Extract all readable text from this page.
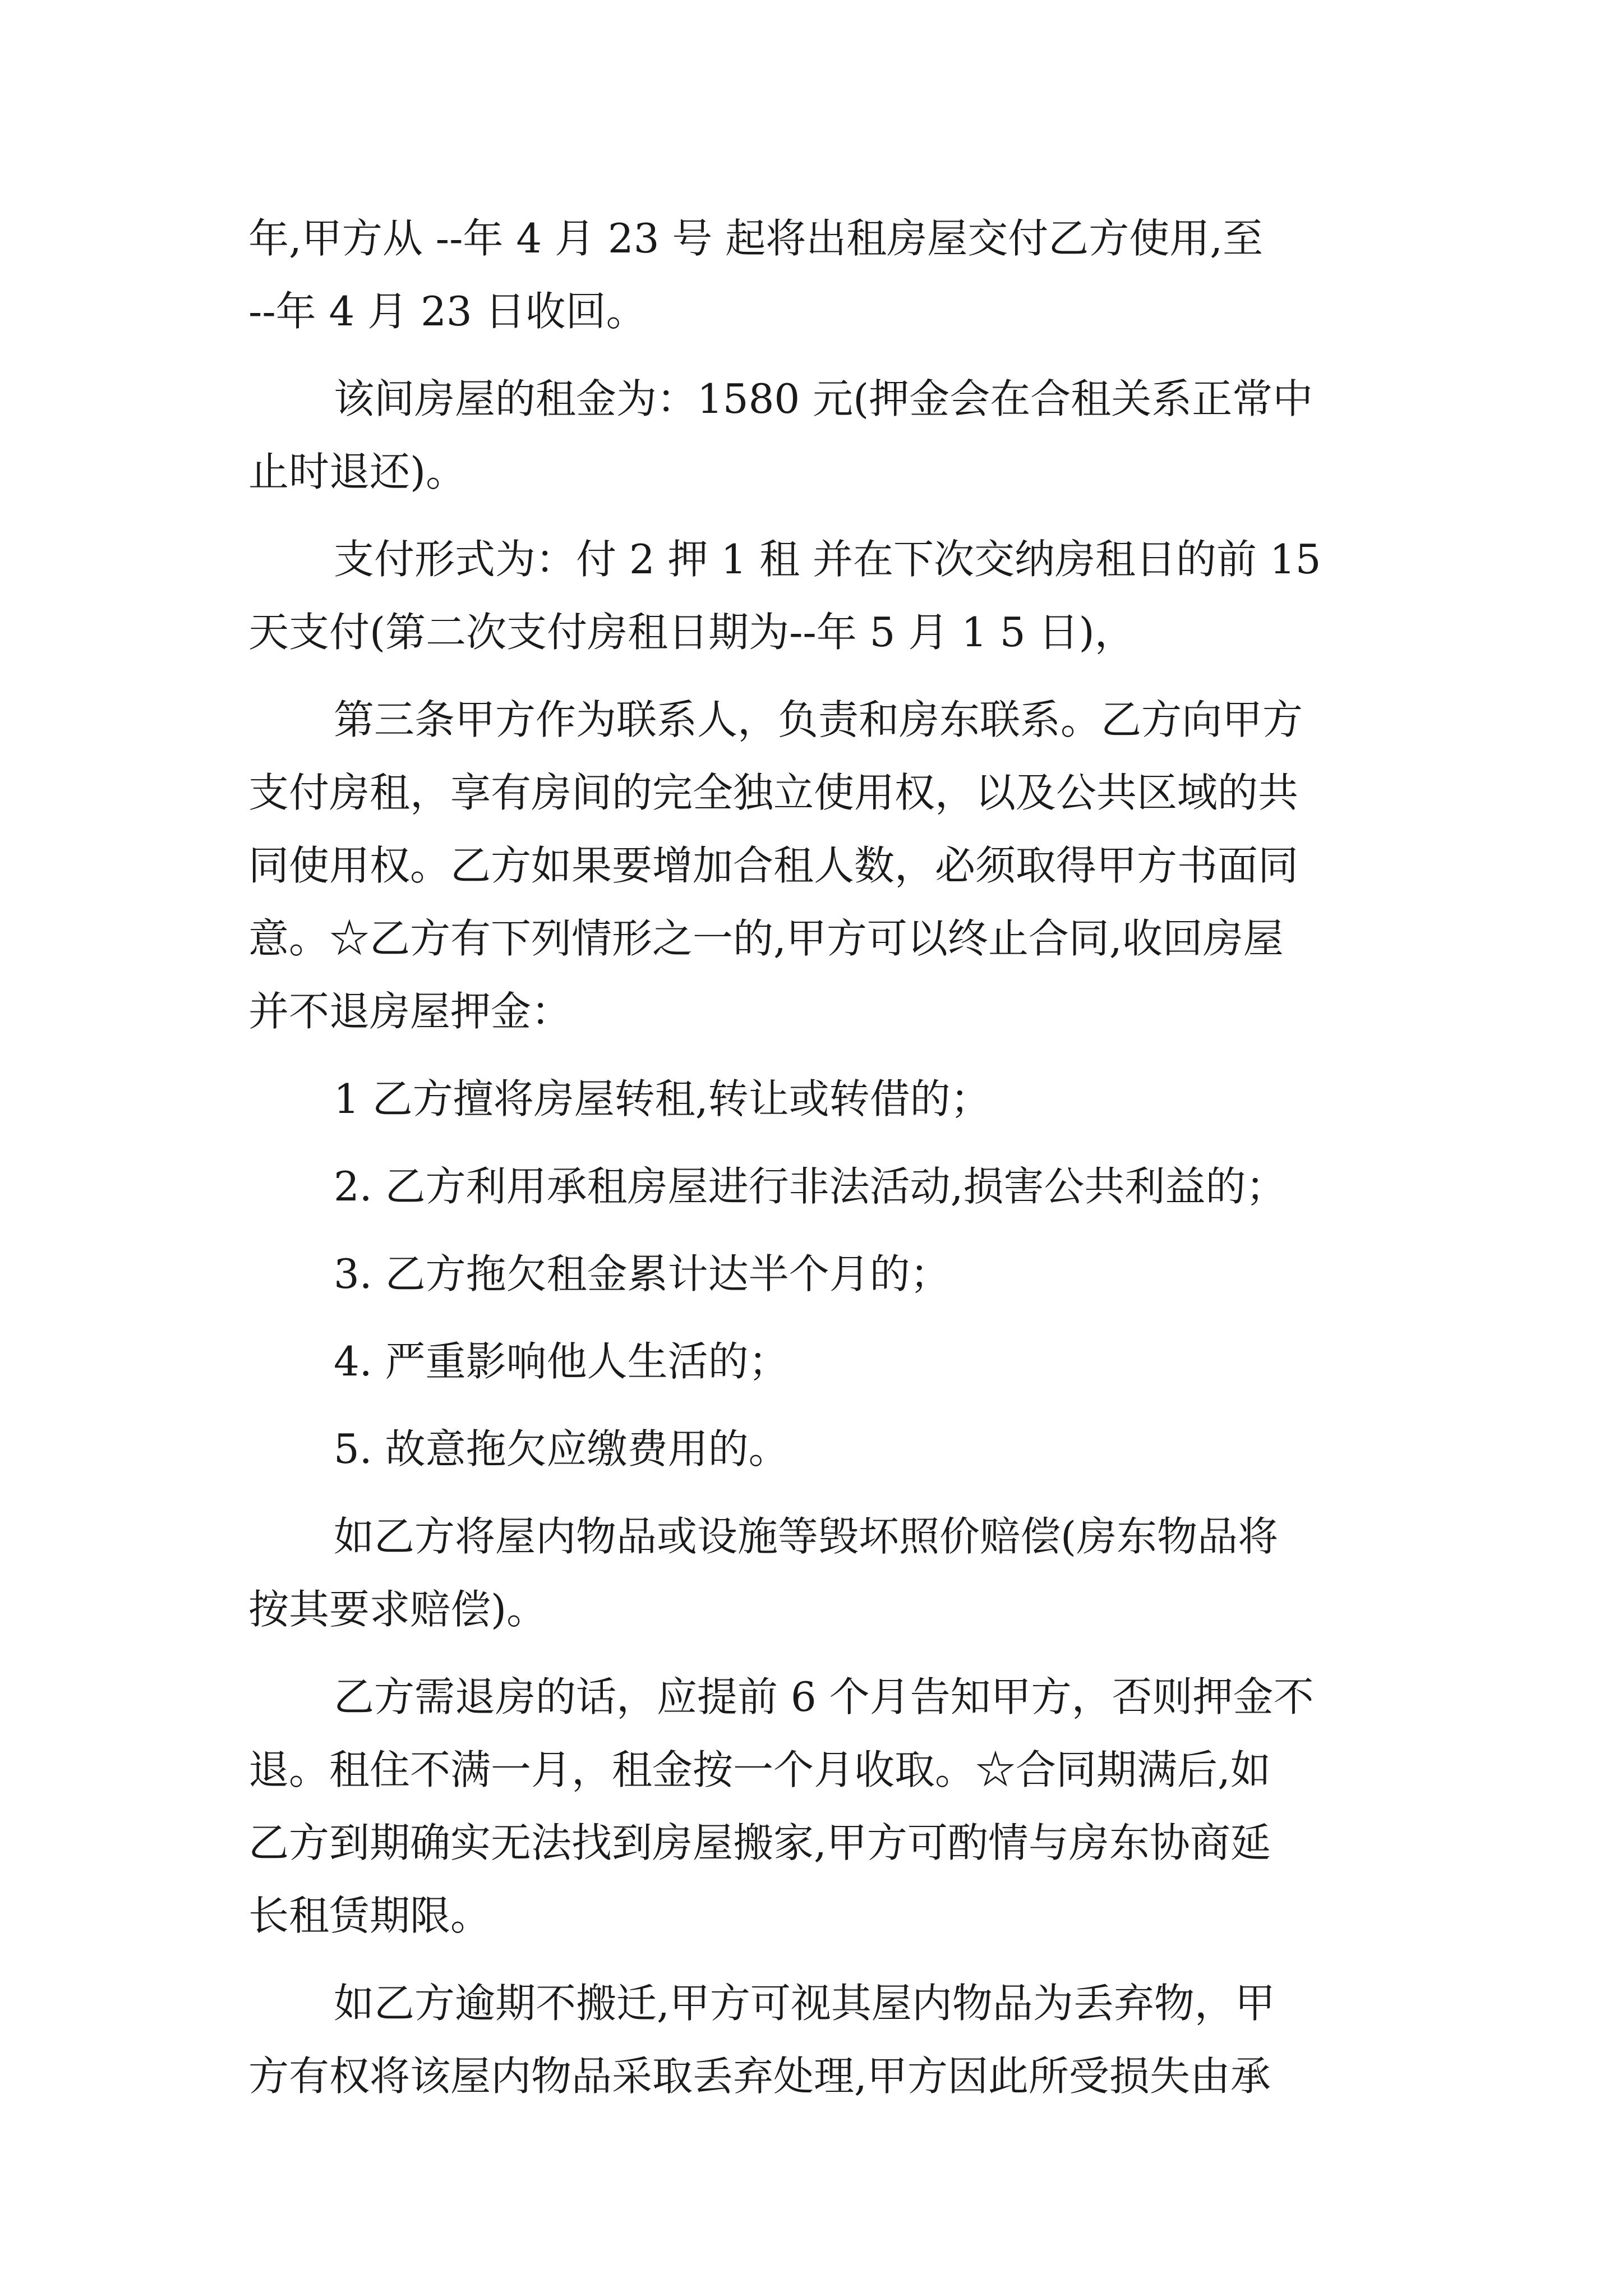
年,甲方从 --年 4 月 23 号 起将出租房屋交付乙方使用,至
--年 4 月 23 日收回。
该间房屋的租金为：1580 元(押金会在合租关系正常中
止时退还)。
支付形式为：付 2 押 1 租 并在下次交纳房租日的前 15
天支付(第二次支付房租日期为--年 5 月 1 5 日)，
第三条甲方作为联系人，负责和房东联系。乙方向甲方
支付房租，享有房间的完全独立使用权，以及公共区域的共
同使用权。乙方如果要增加合租人数，必须取得甲方书面同
意。☆乙方有下列情形之一的,甲方可以终止合同,收回房屋
并不退房屋押金：
1 乙方擅将房屋转租,转让或转借的；
2. 乙方利用承租房屋进行非法活动,损害公共利益的；
3. 乙方拖欠租金累计达半个月的；
4. 严重影响他人生活的；
5. 故意拖欠应缴费用的。
如乙方将屋内物品或设施等毁坏照价赔偿(房东物品将
按其要求赔偿)。
乙方需退房的话，应提前 6 个月告知甲方，否则押金不
退。租住不满一月，租金按一个月收取。☆合同期满后,如
乙方到期确实无法找到房屋搬家,甲方可酌情与房东协商延
长租赁期限。
如乙方逾期不搬迁,甲方可视其屋内物品为丢弃物，甲
方有权将该屋内物品采取丢弃处理,甲方因此所受损失由承
